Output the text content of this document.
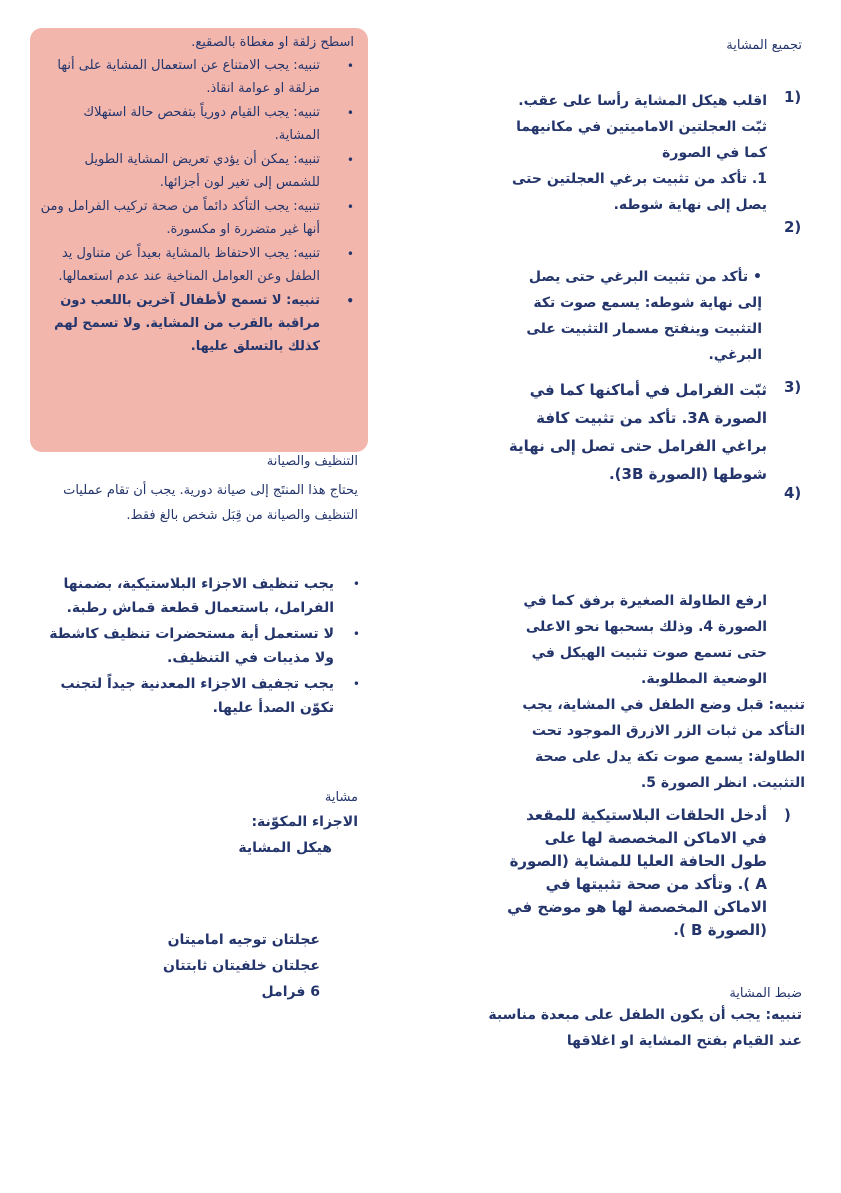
اسطح زلقة او مغطاة بالصقيع.
•
تنبيه: يجب الامتناع عن استعمال المشاية على أنها مزلقة او عوامة انقاذ.
•
تنبيه: يجب القيام دورياً بتفحص حالة استهلاك المشاية.
•
تنبيه: يمكن أن يؤدي تعريض المشاية الطويل للشمس إلى تغير لون أجزائها.
•
تنبيه: يجب التأكد دائماً من صحة تركيب الفرامل ومن أنها غير متضررة او مكسورة.
•
تنبيه: يجب الاحتفاظ بالمشاية بعيداً عن متناول يد الطفل وعن العوامل المناخية عند عدم استعمالها.
•
تنبيه: لا تسمح لأطفال آخرين باللعب دون مراقبة بالقرب من المشاية. ولا تسمح لهم كذلك بالتسلق عليها.
التنظيف والصيانة
يحتاج هذا المنتَج إلى صيانة دورية. يجب أن تقام عمليات التنظيف والصيانة من قِبَل شخص بالغ فقط.
•
يجب تنظيف الاجزاء البلاستيكية، بضمنها الفرامل، باستعمال قطعة قماش رطبة.
•
لا تستعمل أية مستحضرات تنظيف كاشطة ولا مذيبات في التنظيف.
•
يجب تجفيف الاجزاء المعدنية جيداً لتجنب تكوّن الصدأ عليها.
مشاية
الاجزاء المكوّنة:
هيكل المشاية
عجلتان توجيه اماميتان
عجلتان خلفيتان ثابتتان
6 فرامل
تجميع المشاية
1)
اقلب هيكل المشاية رأسا على عقب. ثبّت العجلتين الاماميتين في مكانيهما كما في الصورة
1. تأكد من تثبيت برغي العجلتين حتى يصل إلى نهاية شوطه.
2)
• تأكد من تثبيت البرغي حتى يصل إلى نهاية شوطه: يسمع صوت تكة التثبيت وينفتح مسمار التثبيت على البرغي.
3)
ثبّت الفرامل في أماكنها كما في الصورة 3A. تأكد من تثبيت كافة براغي الفرامل حتى تصل إلى نهاية شوطها (الصورة 3B).
4)
ارفع الطاولة الصغيرة برفق كما في الصورة 4. وذلك بسحبها نحو الاعلى حتى تسمع صوت تثبيت الهيكل في الوضعية المطلوبة.
تنبيه: قبل وضع الطفل في المشاية، يجب التأكد من ثبات الزر الازرق الموجود تحت الطاولة: يسمع صوت تكة يدل على صحة التثبيت. انظر الصورة 5.
)
أدخل الحلقات البلاستيكية للمقعد في الاماكن المخصصة لها على طول الحافة العليا للمشاية (الصورة A ). وتأكد من صحة تثبيتها في الاماكن المخصصة لها هو موضح في (الصورة B ).
ضبط المشاية
تنبيه: يجب أن يكون الطفل على مبعدة مناسبة عند القيام بفتح المشاية او اغلاقها
